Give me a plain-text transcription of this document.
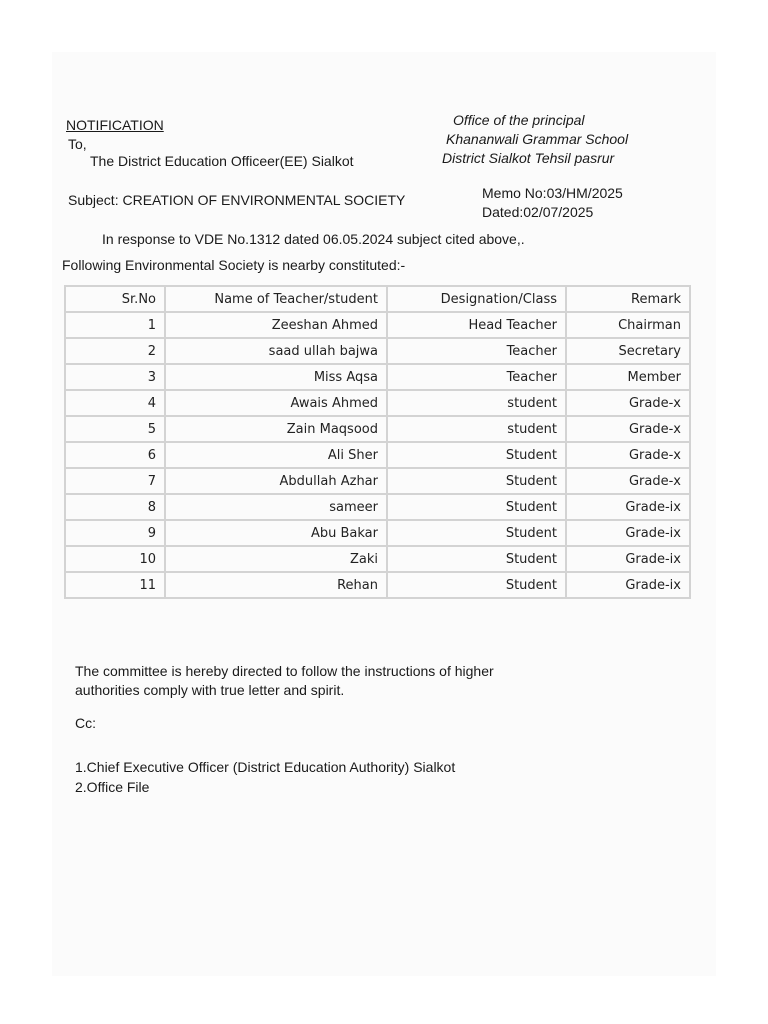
NOTIFICATION
To,
The District Education Officeer(EE) Sialkot
Office of the principal
Khananwali Grammar School
District Sialkot Tehsil pasrur
Subject: CREATION OF ENVIRONMENTAL SOCIETY	Memo No:03/HM/2025
Dated:02/07/2025
In response to VDE No.1312 dated 06.05.2024 subject cited above,.
Following Environmental Society is nearby constituted:-
Sr.No	Name of Teacher/student	Designation/Class	Remark
1	Zeeshan Ahmed	Head Teacher	Chairman
2	saad ullah bajwa	Teacher	Secretary
3	Miss Aqsa	Teacher	Member
4	Awais Ahmed	student	Grade-x
5	Zain Maqsood	student	Grade-x
6	Ali Sher	Student	Grade-x
7	Abdullah Azhar	Student	Grade-x
8	sameer	Student	Grade-ix
9	Abu Bakar	Student	Grade-ix
10	Zaki	Student	Grade-ix
11	Rehan	Student	Grade-ix
The committee is hereby directed to follow the instructions of higher
authorities comply with true letter and spirit.
Cc:
1.Chief Executive Officer (District Education Authority) Sialkot
2.Office File
